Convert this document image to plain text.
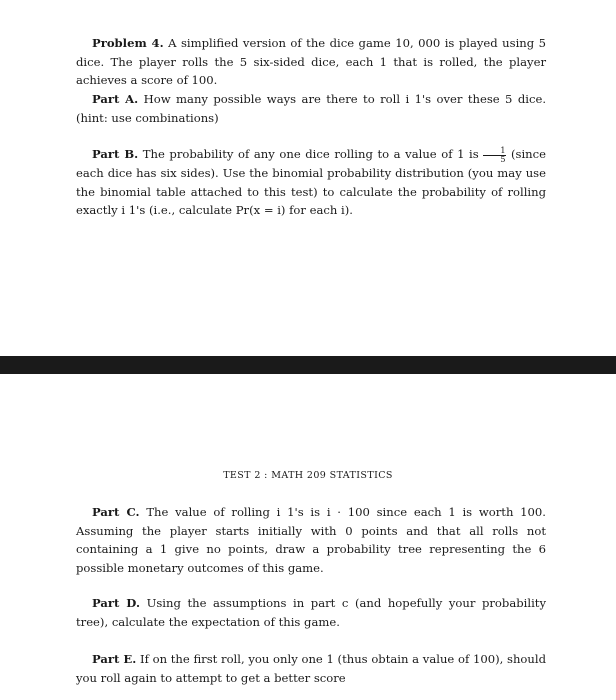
Problem 4. A simplified version of the dice game 10, 000 is played using 5 dice. The player rolls the 5 six-sided dice, each 1 that is rolled, the player achieves a score of 100.
Part A. How many possible ways are there to roll i 1's over these 5 dice. (hint: use combinations)
Part B. The probability of any one dice rolling to a value of 1 is $\frac{1}{5}$ (since each dice has six sides). Use the binomial probability distribution (you may use the binomial table attached to this test) to calculate the probability of rolling exactly i 1's (i.e., calculate Pr(x = i) for each i).
TEST 2 : MATH 209 STATISTICS
Part C. The value of rolling i 1's is i · 100 since each 1 is worth 100. Assuming the player starts initially with 0 points and that all rolls not containing a 1 give no points, draw a probability tree representing the 6 possible monetary outcomes of this game.
Part D. Using the assumptions in part c (and hopefully your probability tree), calculate the expectation of this game.
Part E. If on the first roll, you only one 1 (thus obtain a value of 100), should you roll again to attempt to get a better score
